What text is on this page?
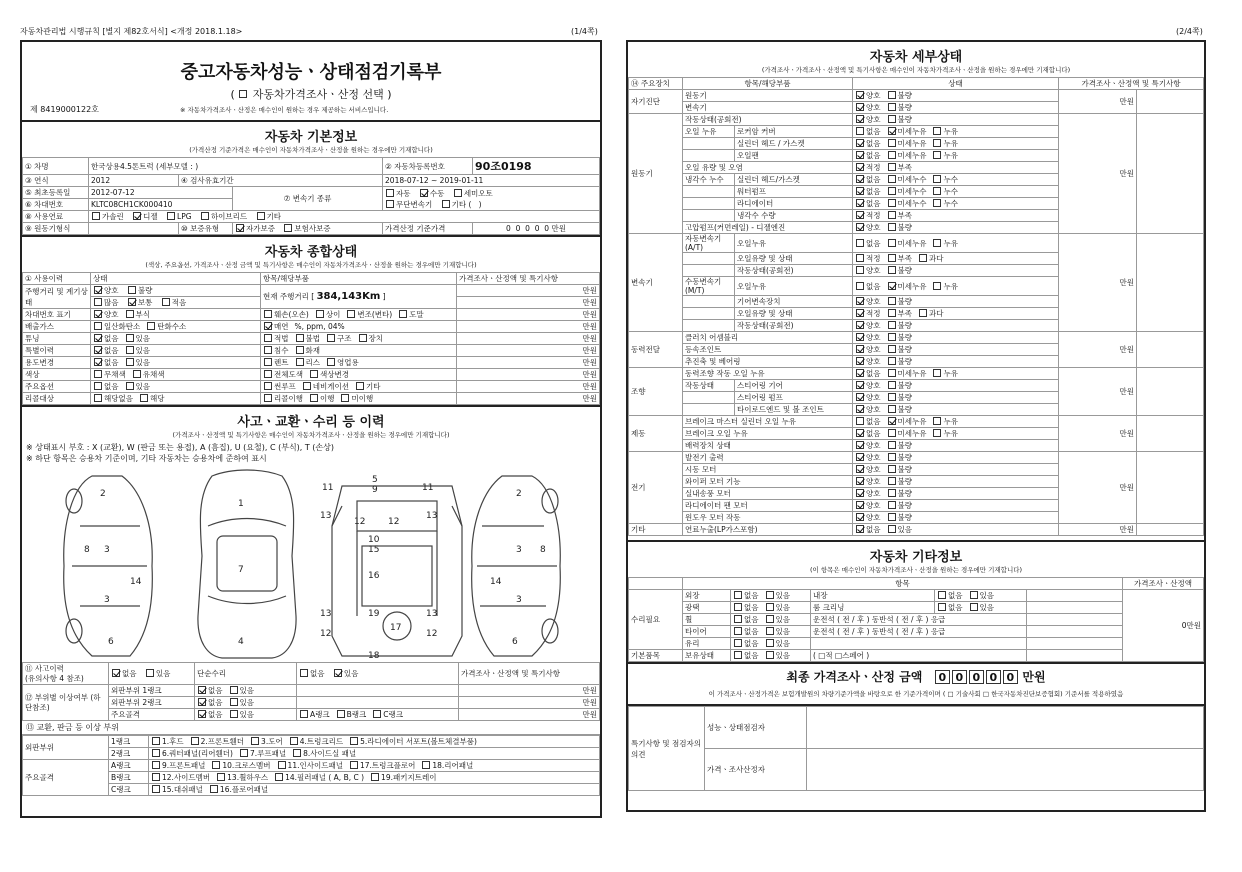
자동차관리법 시행규칙 [별지 제82호서식] <개정 2018.1.18>	(1/4쪽)	(2/4쪽)
중고자동차성능ㆍ상태점검기록부
( 자동차가격조사ㆍ산정 선택 )
제 8419000122호	※ 자동차가격조사ㆍ산정은 매수인이 원하는 경우 제공하는 서비스입니다.
자동차 기본정보
(가격산정 기준가격은 매수인이 자동차가격조사ㆍ산정을 원하는 경우에만 기재합니다)
① 차명	한국상용4.5톤트럭 (세부모델 : )			② 자동차등록번호	90조0198
③ 연식	2012	④ 검사유효기간		2018-07-12 ~ 2019-01-11	
⑤ 최초등록일	2012-07-12		⑦ 변속기 종류	자동 수동 세미오토
무단변속기 기타 ( )	
⑥ 차대번호	KLTC08CH1CK000410				
⑧ 사용연료	가솔린 디젤 LPG 하이브리드 기타				
⑨ 원동기형식		⑩ 보증유형	자가보증 보험사보증	가격산정 기준가격	0 0 0 0 0 만원
자동차 종합상태
(색상, 주요옵션, 가격조사ㆍ산정 금액 및 특기사항은 매수인이 자동차가격조사ㆍ산정을 원하는 경우에만 기재합니다)
① 사용이력	상태	항목/해당부품	가격조사ㆍ산정액 및 특기사항
주행거리 및 계기상태	양호 불량	현재 주행거리 [ 384,143Km ]	만원
	많음 보통 적음		만원
차대번호 표기	양호 부식	훼손(오손) 상이 변조(변타) 도말	만원
배출가스	일산화탄소 탄화수소	매연 %, ppm, 04%	만원
튜닝	없음 있음	적법 불법 구조 장치	만원
특별이력	없음 있음	침수 화재	만원
용도변경	없음 있음	렌트 리스 영업용	만원
색상	무채색 유채색	전체도색 색상변경	만원
주요옵션	없음 있음	썬루프 네비게이션 기타	만원
리콜대상	해당없음 해당	리콜이행 이행 미이행	만원
사고ㆍ교환ㆍ수리 등 이력
(가격조사ㆍ산정액 및 특기사항은 매수인이 자동차가격조사ㆍ산정을 원하는 경우에만 기재합니다)
※ 상태표시 부호 : X (교환), W (판금 또는 용접), A (흠집), U (요철), C (부식), T (손상)
※ 하단 항목은 승용차 기준이며, 기타 자동차는 승용차에 준하여 표시
2
3
8
3
14
6
1
7
4
5
9
11	11
13	13
12	12
10
15
16
13	19	13
12	12
17
18
2
3 8
3
14
6
⑪ 사고이력
(유의사항 4 참조)	없음 있음	단순수리	없음 있음	가격조사ㆍ산정액 및 특기사항
⑫ 부위별 이상여부 (하단참조)	외판부위 1랭크	없음 있음		만원
	외판부위 2랭크	없음 있음		만원
	주요골격	없음 있음	A랭크 B랭크 C랭크	만원
⑬ 교환, 판금 등 이상 부위
외판부위	1랭크	1.후드 2.프론트휀더 3.도어 4.트렁크리드 5.라디에이터 서포트(볼트체결부품)
	2랭크	6.쿼터패널(리어휀더) 7.루프패널 8.사이드실 패널
주요골격	A랭크	9.프론트패널 10.크로스멤버 11.인사이드패널 17.트렁크플로어 18.리어패널
	B랭크	12.사이드멤버 13.휠하우스 14.필러패널 ( A, B, C ) 19.패키지트레이
	C랭크	15.대쉬패널 16.플로어패널
자동차 세부상태
(가격조사ㆍ가격조사ㆍ산정액 및 특기사항은 매수인이 자동차가격조사ㆍ산정을 원하는 경우에만 기재합니다)
⑭ 주요장치	항목/해당부품		상태	가격조사ㆍ산정액 및 특기사항	
자기진단	원동기		양호 불량	만원	
	변속기		양호 불량		
원동기	작동상태(공회전)		양호 불량	만원	
	오일 누유	로커암 커버	없음 미세누유 누유		
		실린더 헤드 / 가스켓	없음 미세누유 누유		
		오일팬	없음 미세누유 누유		
	오일 유량 및 오염		적정 부족		
	냉각수 누수	실린더 헤드/가스켓	없음 미세누수 누수		
		워터펌프	없음 미세누수 누수		
		라디에이터	없음 미세누수 누수		
		냉각수 수량	적정 부족		
	고압펌프(커먼레일) - 디젤엔진		양호 불량		
변속기	자동변속기 (A/T)	오일누유	없음 미세누유 누유	만원	
		오일유량 및 상태	적정 부족 과다		
		작동상태(공회전)	양호 불량		
	수동변속기 (M/T)	오일누유	없음 미세누유 누유		
		기어변속장치	양호 불량		
		오일유량 및 상태	적정 부족 과다		
		작동상태(공회전)	양호 불량		
동력전달	클러치 어셈블리		양호 불량	만원	
	등속조인트		양호 불량		
	추진축 및 베어링		양호 불량		
조향	동력조향 작동 오일 누유		없음 미세누유 누유	만원	
	작동상태	스티어링 기어	양호 불량		
		스티어링 펌프	양호 불량		
		타이로드엔드 및 볼 조인트	양호 불량		
제동	브레이크 마스터 실린더 오일 누유		없음 미세누유 누유	만원	
	브레이크 오일 누유		없음 미세누유 누유		
	배력장치 상태		양호 불량		
전기	발전기 출력		양호 불량	만원	
	시동 모터		양호 불량		
	와이퍼 모터 기능		양호 불량		
	실내송풍 모터		양호 불량		
	라디에이터 팬 모터		양호 불량		
	윈도우 모터 작동		양호 불량		
기타	연료누출(LP가스포함)		없음 있음	만원	
자동차 기타정보
(이 항목은 매수인이 자동차가격조사ㆍ산정을 원하는 경우에만 기재합니다)
	항목					가격조사ㆍ산정액
수리필요	외장	없음 있음	내장	없음 있음		0만원
	광택	없음 있음	룸 크리닝	없음 있음		
	휠	없음 있음	운전석 ( 전 / 후 ) 동반석 ( 전 / 후 ) 응급			
	타이어	없음 있음	운전석 ( 전 / 후 ) 동반석 ( 전 / 후 ) 응급			
	유리	없음 있음				
기본품목	보유상태	없음 있음	( □적 □스페어 )			
최종 가격조사ㆍ산정 금액 0 0 0 0 0 만원
이 가격조사ㆍ산정가격은 보험개발원의 차량기준가액을 바탕으로 한 기준가격이며 ( □ 기술사회 □ 한국자동차진단보증협회) 기준서를 적용하였음
특기사항 및 점검자의 의견	성능ㆍ상태점검자	
	가격ㆍ조사산정자	
